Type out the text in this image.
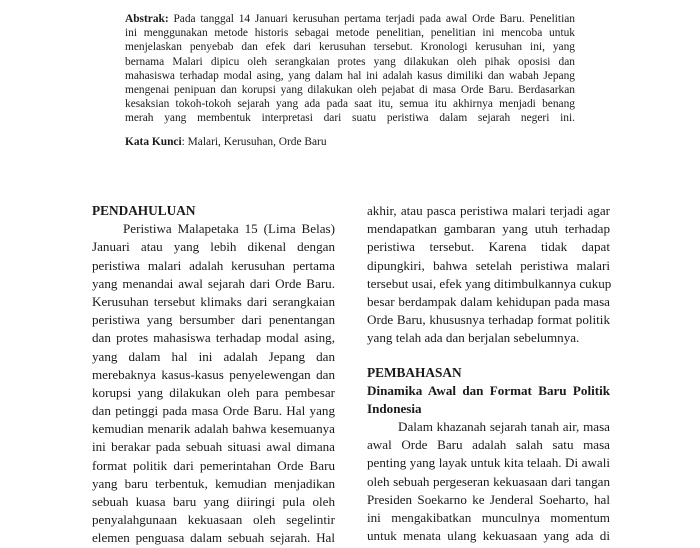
Abstrak: Pada tanggal 14 Januari kerusuhan pertama terjadi pada awal Orde Baru. Penelitian
ini menggunakan metode historis sebagai metode penelitian, penelitian ini mencoba untuk
menjelaskan penyebab dan efek dari kerusuhan tersebut. Kronologi kerusuhan ini, yang
bernama Malari dipicu oleh serangkaian protes yang dilakukan oleh pihak oposisi dan
mahasiswa terhadap modal asing, yang dalam hal ini adalah kasus dimiliki dan wabah Jepang
mengenai penipuan dan korupsi yang dilakukan oleh pejabat di masa Orde Baru. Berdasarkan
kesaksian tokoh-tokoh sejarah yang ada pada saat itu, semua itu akhirnya menjadi benang
merah yang membentuk interpretasi dari suatu peristiwa dalam sejarah negeri ini.
Kata Kunci: Malari, Kerusuhan, Orde Baru
PENDAHULUAN
Peristiwa Malapetaka 15 (Lima Belas)
Januari atau yang lebih dikenal dengan
peristiwa malari adalah kerusuhan pertama
yang menandai awal sejarah dari Orde Baru.
Kerusuhan tersebut klimaks dari serangkaian
peristiwa yang bersumber dari penentangan
dan protes mahasiswa terhadap modal asing,
yang dalam hal ini adalah Jepang dan
merebaknya kasus-kasus penyelewengan dan
korupsi yang dilakukan oleh para pembesar
dan petinggi pada masa Orde Baru. Hal yang
kemudian menarik adalah bahwa kesemuanya
ini berakar pada sebuah situasi awal dimana
format politik dari pemerintahan Orde Baru
yang baru terbentuk, kemudian menjadikan
sebuah kuasa baru yang diiringi pula oleh
penyalahgunaan kekuasaan oleh segelintir
elemen penguasa dalam sebuah sejarah. Hal
akhir, atau pasca peristiwa malari terjadi agar
mendapatkan gambaran yang utuh terhadap
peristiwa tersebut. Karena tidak dapat
dipungkiri, bahwa setelah peristiwa malari
tersebut usai, efek yang ditimbulkannya cukup
besar berdampak dalam kehidupan pada masa
Orde Baru, khususnya terhadap format politik
yang telah ada dan berjalan sebelumnya.
PEMBAHASAN
Dinamika Awal dan Format Baru Politik
Indonesia
Dalam khazanah sejarah tanah air, masa
awal Orde Baru adalah salah satu masa
penting yang layak untuk kita telaah. Di awali
oleh sebuah pergeseran kekuasaan dari tangan
Presiden Soekarno ke Jenderal Soeharto, hal
ini mengakibatkan munculnya momentum
untuk menata ulang kekuasaan yang ada di
